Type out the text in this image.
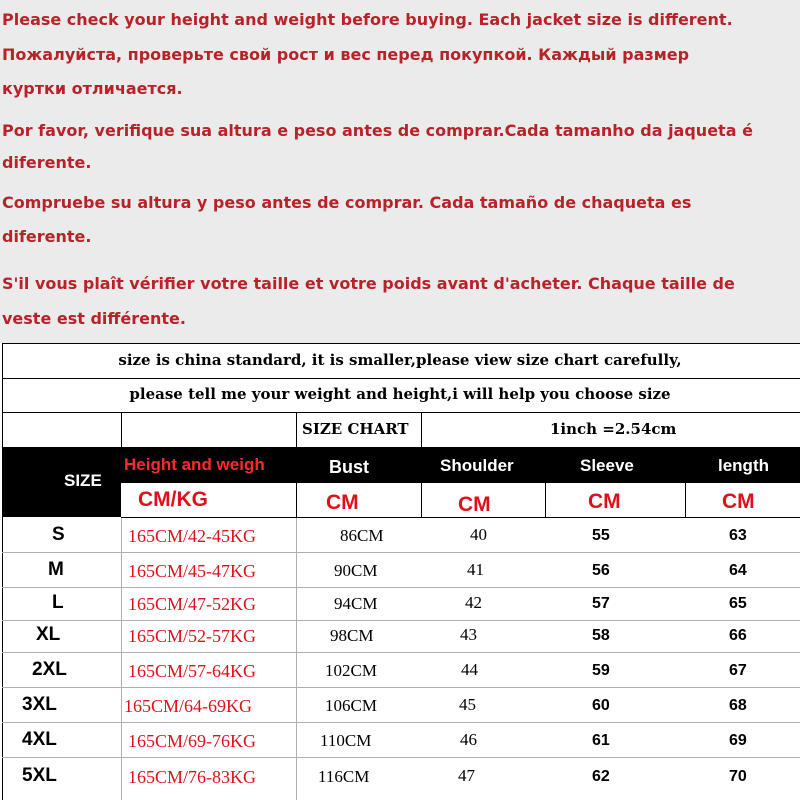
Please check your height and weight before buying. Each jacket size is different.

Пожалуйста, проверьте свой рост и вес перед покупкой. Каждый размер

куртки отличается.

Por favor, verifique sua altura e peso antes de comprar.Cada tamanho da jaqueta é

diferente.

Compruebe su altura y peso antes de comprar. Cada tamaño de chaqueta es

diferente.

S'il vous plaît vérifier votre taille et votre poids avant d'acheter. Chaque taille de

veste est différente.

size is china standard, it is smaller,please view size chart carefully,
please tell me your weight and height,i will help you choose size
SIZE CHART	1inch =2.54cm
SIZE
Height and weigh	Bust	Shoulder	Sleeve	length
CM/KG	CM	CM	CM	CM
S	165CM/42-45KG	86CM	40	55	63
M	165CM/45-47KG	90CM	41	56	64
L	165CM/47-52KG	94CM	42	57	65
XL	165CM/52-57KG	98CM	43	58	66
2XL	165CM/57-64KG	102CM	44	59	67
3XL	165CM/64-69KG	106CM	45	60	68
4XL	165CM/69-76KG	110CM	46	61	69
5XL	165CM/76-83KG	116CM	47	62	70
